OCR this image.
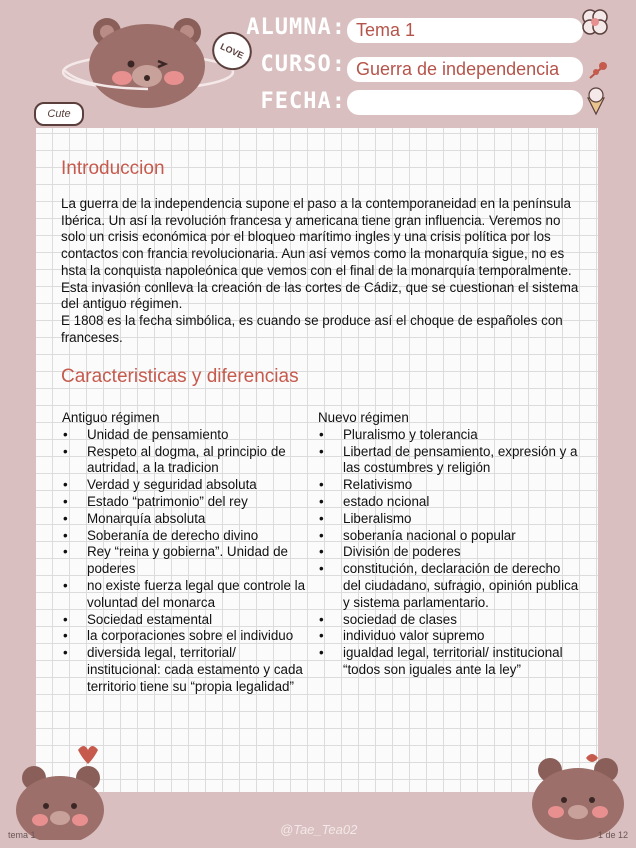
LOVE
Cute
ALUMNA:
CURSO:
FECHA:
Tema 1
Guerra de independencia
Introduccion

La guerra de la independencia supone el paso a la contemporaneidad en la península Ibérica. Un así la revolución francesa y americana tiene gran influencia. Veremos no solo un crisis económica por el bloqueo marítimo ingles y una crisis política por los contactos con francia revolucionaria. Aun así vemos como la monarquía sigue, no es hsta la conquista napoleónica que vemos con el final de la monarquía temporalmente. Esta invasión conlleva la creación de las cortes de Cádiz, que se cuestionan el sistema del antiguo régimen.

E 1808 es la fecha simbólica, es cuando se produce así el choque de españoles con franceses.

Caracteristicas y diferencias

Antiguo régimen

• Unidad de pensamiento
• Respeto al dogma, al principio de autridad, a la tradicion
• Verdad y seguridad absoluta
• Estado “patrimonio” del rey
• Monarquía absoluta
• Soberanía de derecho divino
• Rey “reina y gobierna”. Unidad de poderes
• no existe fuerza legal que controle la voluntad del monarca
• Sociedad estamental
• la corporaciones sobre el individuo
• diversida legal, territorial/ institucional: cada estamento y cada territorio tiene su “propia legalidad”

Nuevo régimen

• Pluralismo y tolerancia
• Libertad de pensamiento, expresión y a las costumbres y religión
• Relativismo
• estado ncional
• Liberalismo
• soberanía nacional o popular
• División de poderes
• constitución, declaración de derecho del ciudadano, sufragio, opinión publica y sistema parlamentario.
• sociedad de clases
• individuo valor supremo
• igualdad legal, territorial/ institucional “todos son iguales ante la ley”
@Tae_Tea02
tema 1	1 de 12
